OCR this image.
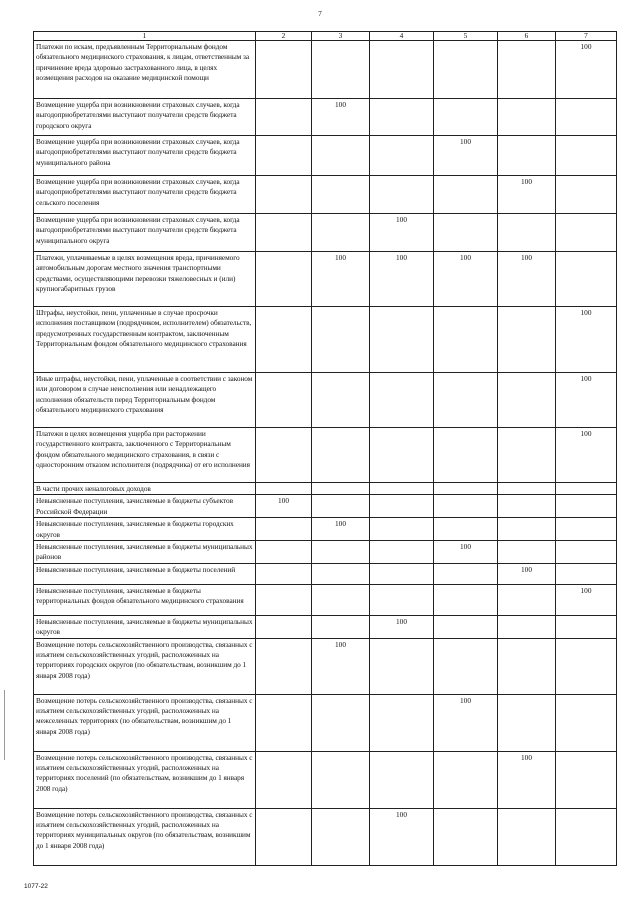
7
1	2	3	4	5	6	7
Платежи по искам, предъявленным Территориальным фондом обязательного медицинского страхования, к лицам, ответственным за причинение вреда здоровью застрахованного лица, в целях возмещения расходов на оказание медицинской помощи						100
Возмещение ущерба при возникновении страховых случаев, когда выгодоприобретателями выступают получатели средств бюджета городского округа		100				
Возмещение ущерба при возникновении страховых случаев, когда выгодоприобретателями выступают получатели средств бюджета муниципального района				100		
Возмещение ущерба при возникновении страховых случаев, когда выгодоприобретателями выступают получатели средств бюджета сельского поселения					100	
Возмещение ущерба при возникновении страховых случаев, когда выгодоприобретателями выступают получатели средств бюджета муниципального округа			100			
Платежи, уплачиваемые в целях возмещения вреда, причиняемого автомобильным дорогам местного значения транспортными средствами, осуществляющими перевозки тяжеловесных и (или) крупногабаритных грузов		100	100	100	100	
Штрафы, неустойки, пени, уплаченные в случае просрочки исполнения поставщиком (подрядчиком, исполнителем) обязательств, предусмотренных государственным контрактом, заключенным Территориальным фондом обязательного медицинского страхования						100
Иные штрафы, неустойки, пени, уплаченные в соответствии с законом или договором в случае неисполнения или ненадлежащего исполнения обязательств перед Территориальным фондом обязательного медицинского страхования						100
Платежи в целях возмещения ущерба при расторжении государственного контракта, заключенного с Территориальным фондом обязательного медицинского страхования, в связи с односторонним отказом исполнителя (подрядчика) от его исполнения						100
В части прочих неналоговых доходов						
Невыясненные поступления, зачисляемые в бюджеты субъектов Российской Федерации	100					
Невыясненные поступления, зачисляемые в бюджеты городских округов		100				
Невыясненные поступления, зачисляемые в бюджеты муниципальных районов				100		
Невыясненные поступления, зачисляемые в бюджеты поселений					100	
Невыясненные поступления, зачисляемые в бюджеты территориальных фондов обязательного медицинского страхования						100
Невыясненные поступления, зачисляемые в бюджеты муниципальных округов			100			
Возмещение потерь сельскохозяйственного производства, связанных с изъятием сельскохозяйственных угодий, расположенных на территориях городских округов (по обязательствам, возникшим до 1 января 2008 года)		100				
Возмещение потерь сельскохозяйственного производства, связанных с изъятием сельскохозяйственных угодий, расположенных на межселенных территориях (по обязательствам, возникшим до 1 января 2008 года)				100		
Возмещение потерь сельскохозяйственного производства, связанных с изъятием сельскохозяйственных угодий, расположенных на территориях поселений (по обязательствам, возникшим до 1 января 2008 года)					100	
Возмещение потерь сельскохозяйственного производства, связанных с изъятием сельскохозяйственных угодий, расположенных на территориях муниципальных округов (по обязательствам, возникшим до 1 января 2008 года)			100			
1077-22
